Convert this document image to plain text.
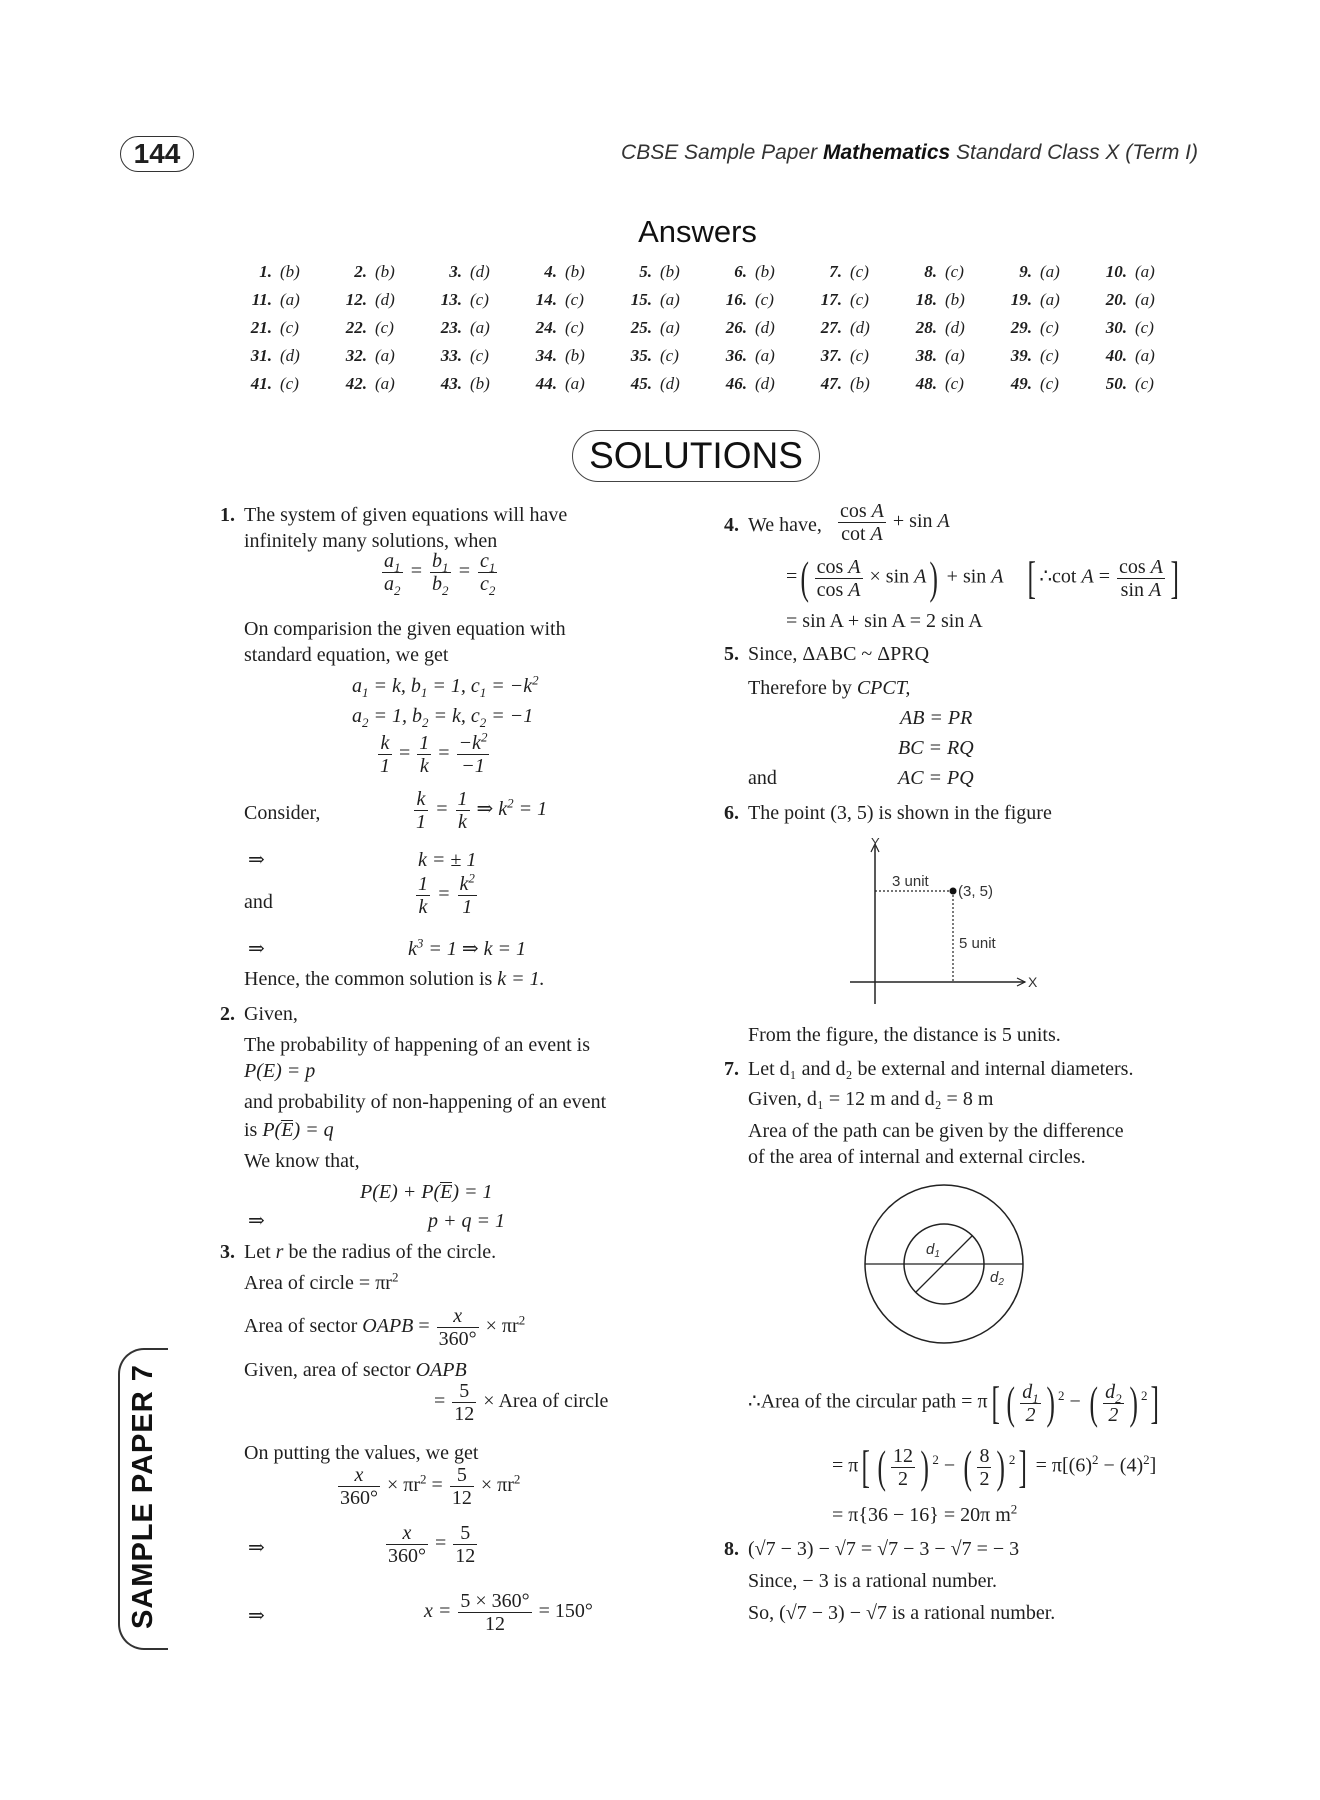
144	CBSE Sample Paper Mathematics Standard Class X (Term I)
Answers
1. (b)	2. (b)	3. (d)	4. (b)	5. (b)	6. (b)	7. (c)	8. (c)	9. (a)	10. (a)
11. (a)	12. (d)	13. (c)	14. (c)	15. (a)	16. (c)	17. (c)	18. (b)	19. (a)	20. (a)
21. (c)	22. (c)	23. (a)	24. (c)	25. (a)	26. (d)	27. (d)	28. (d)	29. (c)	30. (c)
31. (d)	32. (a)	33. (c)	34. (b)	35. (c)	36. (a)	37. (c)	38. (a)	39. (c)	40. (a)
41. (c)	42. (a)	43. (b)	44. (a)	45. (d)	46. (d)	47. (b)	48. (c)	49. (c)	50. (c)
SOLUTIONS
SAMPLE PAPER 7
1. The system of given equations will have
infinitely many solutions, when
$\frac{a_1}{a_2} = \frac{b_1}{b_2} = \frac{c_1}{c_2}$
On comparision the given equation with
standard equation, we get
$a_1 = k$, $b_1 = 1$, $c_1 = -k^2$
$a_2 = 1$, $b_2 = k$, $c_2 = -1$
$\frac{k}{1} = \frac{1}{k} = \frac{-k^2}{-1}$
Consider,	$\frac{k}{1} = \frac{1}{k}$ ⇒ $k^2 = 1$
⇒	k = ± 1
and	$\frac{1}{k} = \frac{k^2}{1}$
⇒	$k^3 = 1$ ⇒ k = 1
Hence, the common solution is k = 1.
2. Given,
The probability of happening of an event is
P(E) = p
and probability of non-happening of an event
is P(E) = q
We know that,
P(E) + P(E) = 1
⇒	p + q = 1
3. Let r be the radius of the circle.
Area of circle = $\pi r^2$
Area of sector OAPB = $\frac{x}{360^\circ} \times \pi r^2$
Given, area of sector OAPB
= $\frac{5}{12}$ × Area of circle
On putting the values, we get
$\frac{x}{360^\circ} \times \pi r^2 = \frac{5}{12} \times \pi r^2$
⇒	$\frac{x}{360^\circ} = \frac{5}{12}$
⇒	$x = \frac{5 \times 360^\circ}{12} = 150^\circ$
4. We have, $\frac{\text{cos A}}{\text{cot A}} + \sin A$
=( $\frac{\text{cos A}}{\text{cos A}} \times \sin A) + \sin A$ [ ∴cot $A = \frac{\text{cos A}}{\text{sin A}}$ ]
= sin A + sin A = 2 sin A
5. Since, ΔABC ~ ΔPRQ
Therefore by CPCT,
AB = PR
BC = RQ
and	AC = PQ
6. The point (3, 5) is shown in the figure
Y
X
3 unit
(3, 5)
5 unit
From the figure, the distance is 5 units.
7. Let d₁ and d₂ be external and internal diameters.
Given, d₁ = 12 m and d₂ = 8 m
Area of the path can be given by the difference
of the area of internal and external circles.
$d_1$
$d_2$
∴Area of the circular path = π[ ( $\frac{d_1}{2}$ ) $^2$ − ( $\frac{d_2}{2}$ ) $^2$]
= π[ ( $\frac{12}{2}$ ) $^2$ − ( $\frac{8}{2}$ ) $^2] = \pi[(6)^2 - (4)^2]$
= π{36 − 16} = 20π $m^2$
8. (√7 − 3) − √7 = √7 − 3 − √7 = − 3
Since, − 3 is a rational number.
So, (√7 − 3) − √7 is a rational number.
